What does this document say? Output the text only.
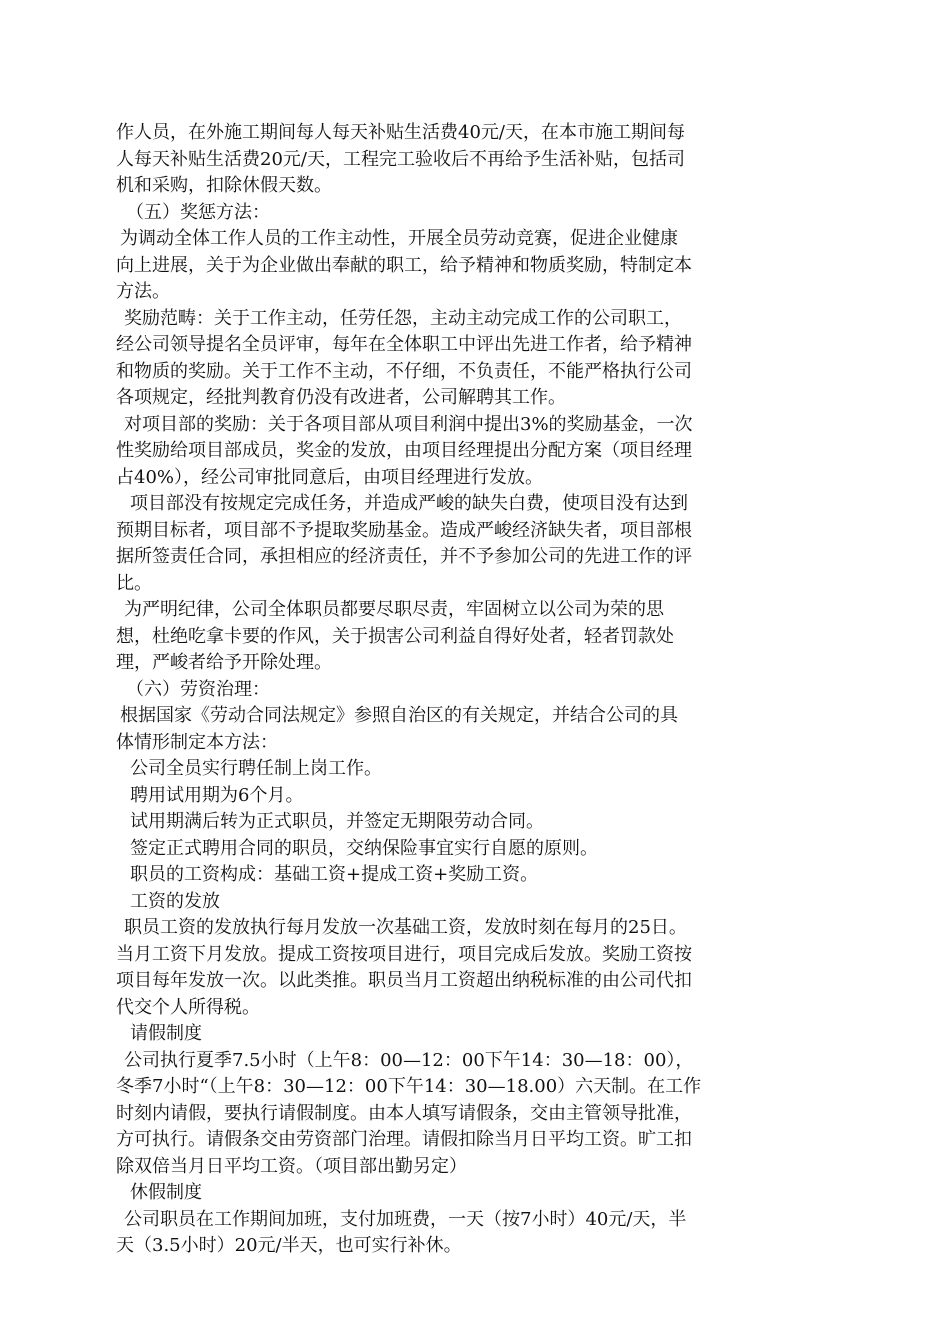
作人员，在外施工期间每人每天补贴生活费40元/天，在本市施工期间每
人每天补贴生活费20元/天，工程完工验收后不再给予生活补贴，包括司
机和采购，扣除休假天数。
（五）奖惩方法：
为调动全体工作人员的工作主动性，开展全员劳动竞赛，促进企业健康
向上进展，关于为企业做出奉献的职工，给予精神和物质奖励，特制定本
方法。
奖励范畴：关于工作主动，任劳任怨，主动主动完成工作的公司职工，
经公司领导提名全员评审，每年在全体职工中评出先进工作者，给予精神
和物质的奖励。关于工作不主动，不仔细，不负责任，不能严格执行公司
各项规定，经批判教育仍没有改进者，公司解聘其工作。
对项目部的奖励：关于各项目部从项目利润中提出3%的奖励基金，一次
性奖励给项目部成员，奖金的发放，由项目经理提出分配方案（项目经理
占40%），经公司审批同意后，由项目经理进行发放。
项目部没有按规定完成任务，并造成严峻的缺失白费，使项目没有达到
预期目标者，项目部不予提取奖励基金。造成严峻经济缺失者，项目部根
据所签责任合同，承担相应的经济责任，并不予参加公司的先进工作的评
比。
为严明纪律，公司全体职员都要尽职尽责，牢固树立以公司为荣的思
想，杜绝吃拿卡要的作风，关于损害公司利益自得好处者，轻者罚款处
理，严峻者给予开除处理。
（六）劳资治理：
根据国家《劳动合同法规定》参照自治区的有关规定，并结合公司的具
体情形制定本方法：
公司全员实行聘任制上岗工作。
聘用试用期为6个月。
试用期满后转为正式职员，并签定无期限劳动合同。
签定正式聘用合同的职员，交纳保险事宜实行自愿的原则。
职员的工资构成：基础工资+提成工资+奖励工资。
工资的发放
职员工资的发放执行每月发放一次基础工资，发放时刻在每月的25日。
当月工资下月发放。提成工资按项目进行，项目完成后发放。奖励工资按
项目每年发放一次。以此类推。职员当月工资超出纳税标准的由公司代扣
代交个人所得税。
请假制度
公司执行夏季7.5小时（上午8：00—12：00下午14：30—18：00），
冬季7小时“（上午8：30—12：00下午14：30—18.00）六天制。在工作
时刻内请假，要执行请假制度。由本人填写请假条，交由主管领导批准，
方可执行。请假条交由劳资部门治理。请假扣除当月日平均工资。旷工扣
除双倍当月日平均工资。（项目部出勤另定）
休假制度
公司职员在工作期间加班，支付加班费，一天（按7小时）40元/天，半
天（3.5小时）20元/半天，也可实行补休。
